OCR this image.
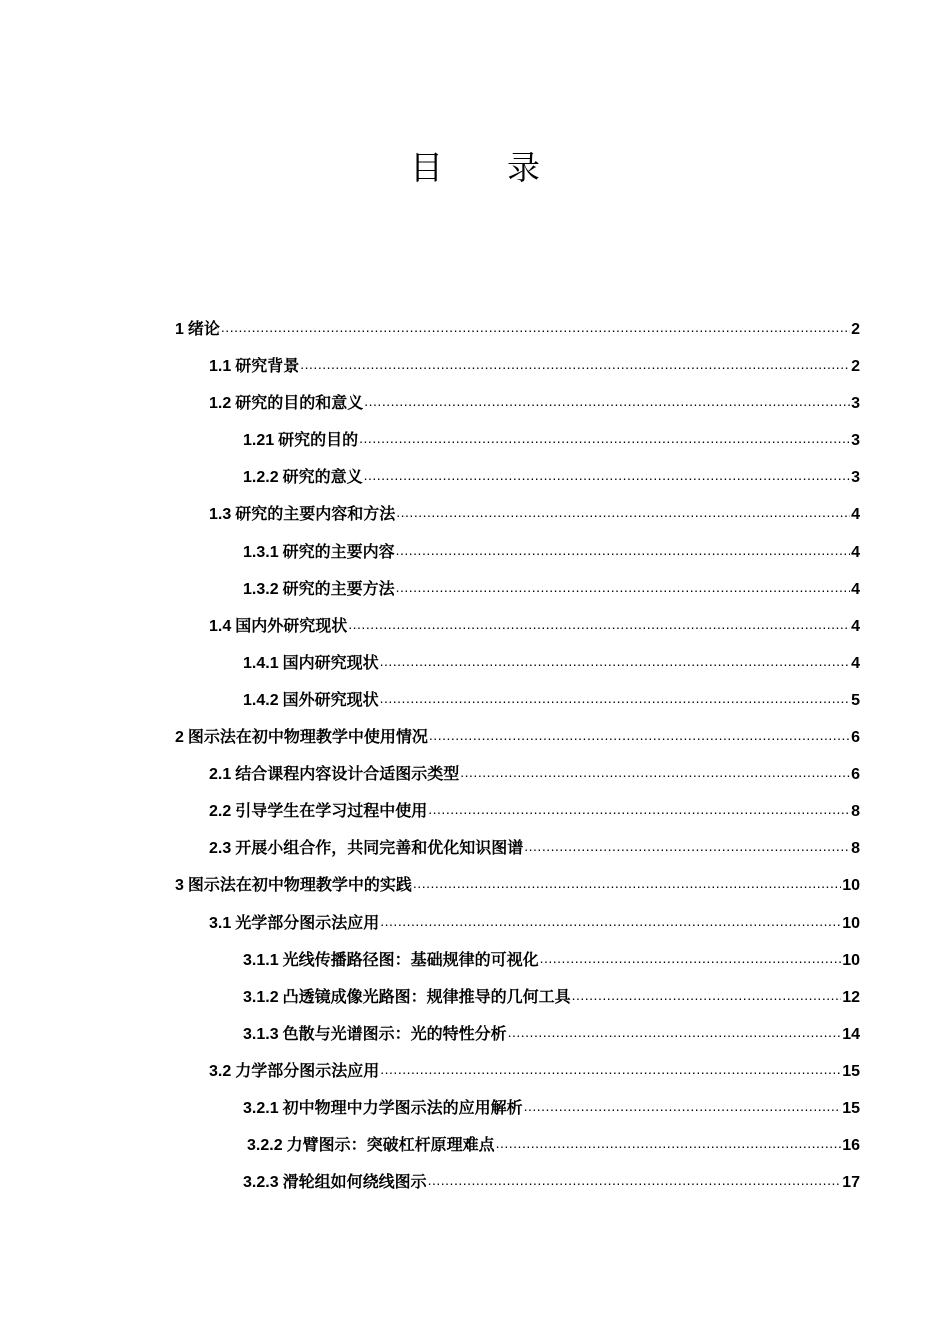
目 录
1 绪论 .....	2
1.1 研究背景 .....	2
1.2 研究的目的和意义 .....	3
1.21 研究的目的 .....	3
1.2.2 研究的意义 .....	3
1.3 研究的主要内容和方法 .....	4
1.3.1 研究的主要内容 .....	4
1.3.2 研究的主要方法 .....	4
1.4 国内外研究现状 .....	4
1.4.1 国内研究现状 .....	4
1.4.2 国外研究现状 .....	5
2 图示法在初中物理教学中使用情况 .....	6
2.1 结合课程内容设计合适图示类型 .....	6
2.2 引导学生在学习过程中使用 .....	8
2.3 开展小组合作，共同完善和优化知识图谱 .....	8
3 图示法在初中物理教学中的实践 .....	10
3.1 光学部分图示法应用 .....	10
3.1.1 光线传播路径图：基础规律的可视化 .....	10
3.1.2 凸透镜成像光路图：规律推导的几何工具 .....	12
3.1.3 色散与光谱图示：光的特性分析 .....	14
3.2 力学部分图示法应用 .....	15
3.2.1 初中物理中力学图示法的应用解析 .....	15
3.2.2 力臂图示：突破杠杆原理难点 .....	16
3.2.3 滑轮组如何绕线图示 .....	17
